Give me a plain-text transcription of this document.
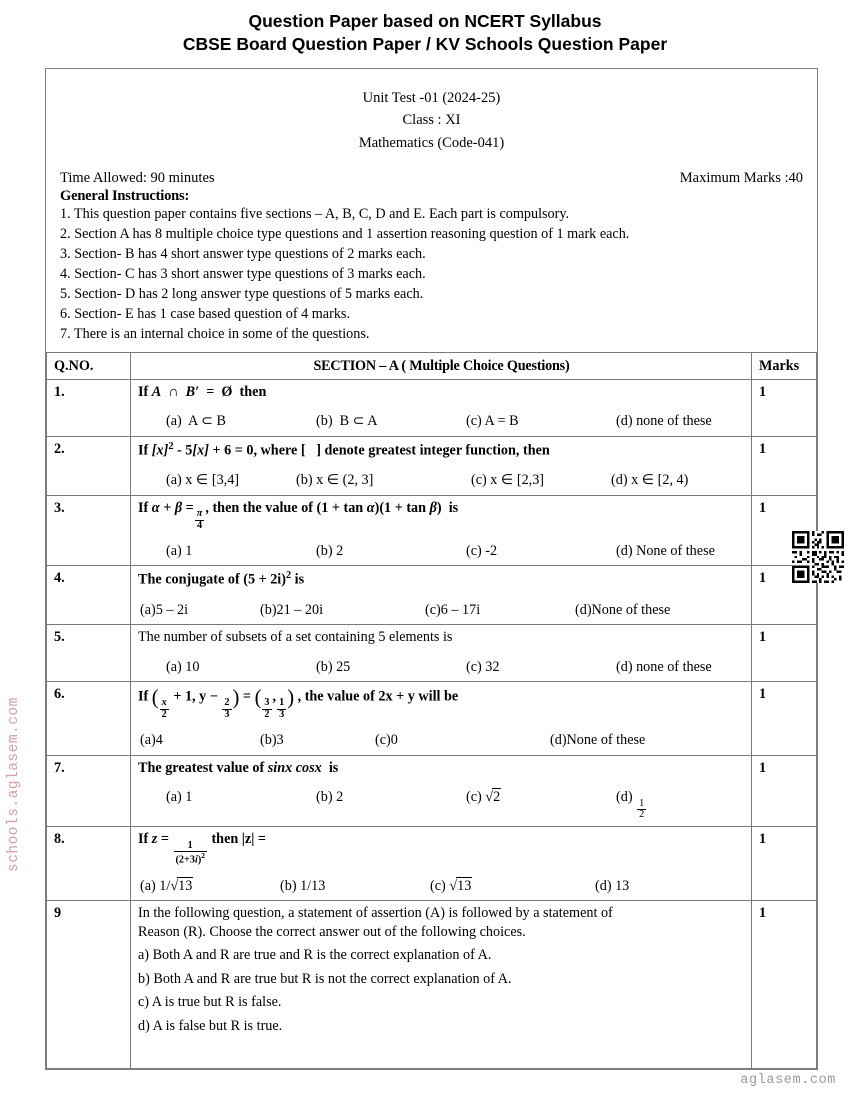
Question Paper based on NCERT Syllabus
CBSE Board Question Paper / KV Schools Question Paper
Unit Test -01 (2024-25)
Class : XI
Mathematics (Code-041)
Time Allowed: 90 minutes	Maximum Marks :40
General Instructions:
1. This question paper contains five sections – A, B, C, D and E. Each part is compulsory.
2. Section A has 8 multiple choice type questions and 1 assertion reasoning question of 1 mark each.
3. Section- B has 4 short answer type questions of 2 marks each.
4. Section- C has 3 short answer type questions of 3 marks each.
5. Section- D has 2 long answer type questions of 5 marks each.
6. Section- E has 1 case based question of 4 marks.
7. There is an internal choice in some of the questions.
Q.NO.	SECTION – A ( Multiple Choice Questions)	Marks
1.	If A  ∩  B′  =  Ø  then
(a)  A ⊂ B (b)  B ⊂ A (c) A = B (d) none of these	1
2.	If $[x]^2 - 5[x] + 6 = 0$, where [   ] denote greatest integer function, then
(a) x ∈ [3,4] (b) x ∈ (2, 3] (c) x ∈ [2,3] (d) x ∈ [2, 4)	1
3.	If α + β =
$\frac{\pi}{4}$
, then the value of (1 + tan α)(1 + tan β)  is
(a) 1	(b) 2	(c) -2	(d) None of these
	1
4.	The conjugate of $(5 + 2i)^2$ is
(a)5 – 2i (b)21 – 20i (c)6 – 17i (d)None of these	1
5.	The number of subsets of a set containing 5 elements is
(a) 10 (b) 25 (c) 32 (d) none of these	1
6.	If (
$\frac{x}{2}$
+ 1, y −
$\frac{2}{3}$
) = (
$\frac{3}{2}$
,
$\frac{1}{3}$
) , the value of 2x + y will be
(a)4	(b)3	(c)0	(d)None of these
	1
7.	The greatest value of sinx cosx  is
(a) 1	(b) 2	(c) √2	(d)
$\frac{1}{2}$
	1
8.	If z =
$\frac{1}{(2+3i)^2}$
then |z| =
(a) 1/√13	(b) 1/13	(c) √13	(d) 13
	1
9	In the following question, a statement of assertion (A) is followed by a statement of
Reason (R). Choose the correct answer out of the following choices.
a) Both A and R are true and R is the correct explanation of A.
b) Both A and R are true but R is not the correct explanation of A.
c) A is true but R is false.
d) A is false but R is true.
	1
schools.aglasem.com
aglasem.com
